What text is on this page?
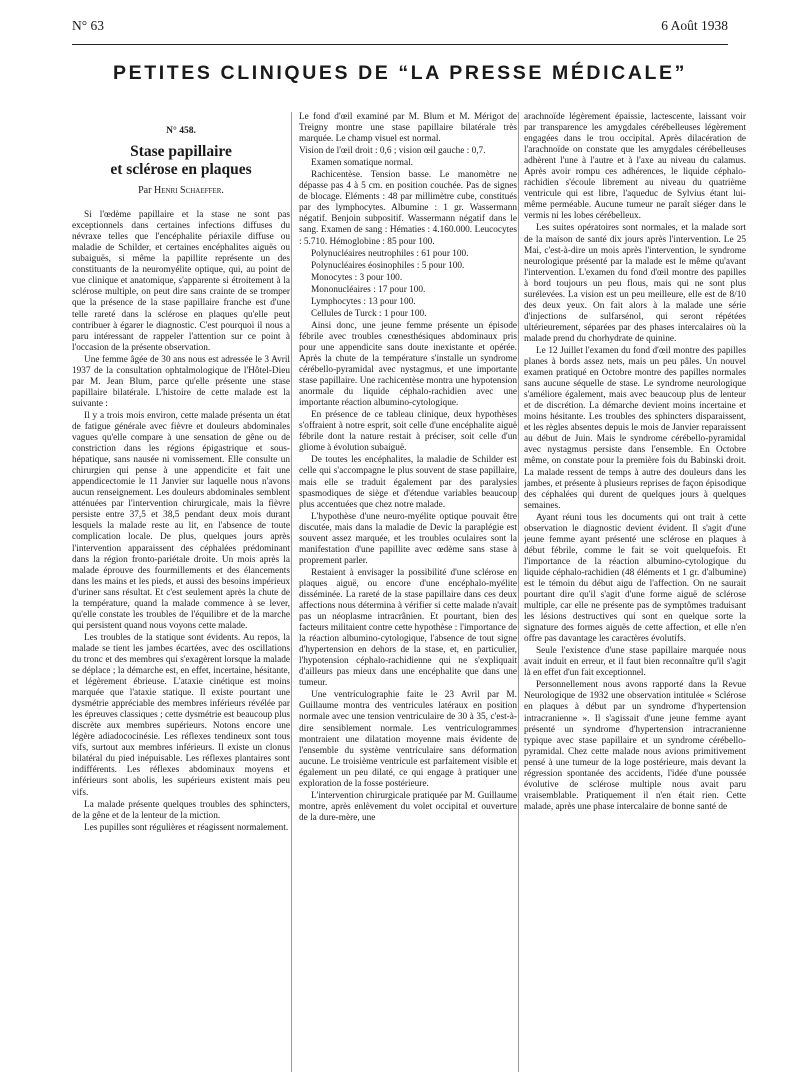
N° 63	6 Août 1938
PETITES CLINIQUES DE “LA PRESSE MÉDICALE”
N° 458.
Stase papillaire
et sclérose en plaques
Par Henri Schaeffer.

Si l'œdème papillaire et la stase ne sont pas exceptionnels dans certaines infections diffuses du névraxe telles que l'encéphalite périaxile diffuse ou maladie de Schilder, et certaines encéphalites aiguës ou subaiguës, si même la papillite représente un des constituants de la neuromyélite optique, qui, au point de vue clinique et anatomique, s'apparente si étroitement à la sclérose multiple, on peut dire sans crainte de se tromper que la présence de la stase papillaire franche est d'une telle rareté dans la sclérose en plaques qu'elle peut contribuer à égarer le diagnostic. C'est pourquoi il nous a paru intéressant de rappeler l'attention sur ce point à l'occasion de la présente observation.

Une femme âgée de 30 ans nous est adressée le 3 Avril 1937 de la consultation ophtalmologique de l'Hôtel-Dieu par M. Jean Blum, parce qu'elle présente une stase papillaire bilatérale. L'histoire de cette malade est la suivante :

Il y a trois mois environ, cette malade présenta un état de fatigue générale avec fièvre et douleurs abdominales vagues qu'elle compare à une sensation de gêne ou de constriction dans les régions épigastrique et sous-hépatique, sans nausée ni vomissement. Elle consulte un chirurgien qui pense à une appendicite et fait une appendicectomie le 11 Janvier sur laquelle nous n'avons aucun renseignement. Les douleurs abdominales semblent atténuées par l'intervention chirurgicale, mais la fièvre persiste entre 37,5 et 38,5 pendant deux mois durant lesquels la malade reste au lit, en l'absence de toute complication locale. De plus, quelques jours après l'intervention apparaissent des céphalées prédominant dans la région fronto-pariétale droite. Un mois après la malade éprouve des fourmillements et des élancements dans les mains et les pieds, et aussi des besoins impérieux d'uriner sans résultat. Et c'est seulement après la chute de la température, quand la malade commence à se lever, qu'elle constate les troubles de l'équilibre et de la marche qui persistent quand nous voyons cette malade.

Les troubles de la statique sont évidents. Au repos, la malade se tient les jambes écartées, avec des oscillations du tronc et des membres qui s'exagèrent lorsque la malade se déplace ; la démarche est, en effet, incertaine, hésitante, et légèrement ébrieuse. L'ataxie cinétique est moins marquée que l'ataxie statique. Il existe pourtant une dysmétrie appréciable des membres inférieurs révélée par les épreuves classiques ; cette dysmétrie est beaucoup plus discrète aux membres supérieurs. Notons encore une légère adiadococinésie. Les réflexes tendineux sont tous vifs, surtout aux membres inférieurs. Il existe un clonus bilatéral du pied inépuisable. Les réflexes plantaires sont indifférents. Les réflexes abdominaux moyens et inférieurs sont abolis, les supérieurs existent mais peu vifs.

La malade présente quelques troubles des sphincters, de la gêne et de la lenteur de la miction.

Les pupilles sont régulières et réagissent normalement.

Le fond d'œil examiné par M. Blum et M. Mérigot de Treigny montre une stase papillaire bilatérale très marquée. Le champ visuel est normal.

Vision de l'œil droit : 0,6 ; vision œil gauche : 0,7.

Examen somatique normal.

Rachicentèse. Tension basse. Le manomètre ne dépasse pas 4 à 5 cm. en position couchée. Pas de signes de blocage. Eléments : 48 par millimètre cube, constitués par des lymphocytes. Albumine : 1 gr. Wassermann négatif. Benjoin subpositif. Wassermann négatif dans le sang. Examen de sang : Hématies : 4.160.000. Leucocytes : 5.710. Hémoglobine : 85 pour 100.

Polynucléaires neutrophiles : 61 pour 100.

Polynucléaires éosinophiles : 5 pour 100.

Monocytes : 3 pour 100.

Mononucléaires : 17 pour 100.

Lymphocytes : 13 pour 100.

Cellules de Turck : 1 pour 100.

Ainsi donc, une jeune femme présente un épisode fébrile avec troubles cœnesthésiques abdominaux pris pour une appendicite sans doute inexistante et opérée. Après la chute de la température s'installe un syndrome cérébello-pyramidal avec nystagmus, et une importante stase papillaire. Une rachicentèse montra une hypotension anormale du liquide céphalo-rachidien avec une importante réaction albumino-cytologique.

En présence de ce tableau clinique, deux hypothèses s'offraient à notre esprit, soit celle d'une encéphalite aiguë fébrile dont la nature restait à préciser, soit celle d'un gliome à évolution subaiguë.

De toutes les encéphalites, la maladie de Schilder est celle qui s'accompagne le plus souvent de stase papillaire, mais elle se traduit également par des paralysies spasmodiques de siège et d'étendue variables beaucoup plus accentuées que chez notre malade.

L'hypothèse d'une neuro-myélite optique pouvait être discutée, mais dans la maladie de Devic la paraplégie est souvent assez marquée, et les troubles oculaires sont la manifestation d'une papillite avec œdème sans stase à proprement parler.

Restaient à envisager la possibilité d'une sclérose en plaques aiguë, ou encore d'une encéphalo-myélite disséminée. La rareté de la stase papillaire dans ces deux affections nous détermina à vérifier si cette malade n'avait pas un néoplasme intracrânien. Et pourtant, bien des facteurs militaient contre cette hypothèse : l'importance de la réaction albumino-cytologique, l'absence de tout signe d'hypertension en dehors de la stase, et, en particulier, l'hypotension céphalo-rachidienne qui ne s'expliquait d'ailleurs pas mieux dans une encéphalite que dans une tumeur.

Une ventriculographie faite le 23 Avril par M. Guillaume montra des ventricules latéraux en position normale avec une tension ventriculaire de 30 à 35, c'est-à-dire sensiblement normale. Les ventriculogrammes montraient une dilatation moyenne mais évidente de l'ensemble du système ventriculaire sans déformation aucune. Le troisième ventricule est parfaitement visible et également un peu dilaté, ce qui engage à pratiquer une exploration de la fosse postérieure.

L'intervention chirurgicale pratiquée par M. Guillaume montre, après enlèvement du volet occipital et ouverture de la dure-mère, une

arachnoïde légèrement épaissie, lactescente, laissant voir par transparence les amygdales cérébelleuses légèrement engagées dans le trou occipital. Après dilacération de l'arachnoïde on constate que les amygdales cérébelleuses adhèrent l'une à l'autre et à l'axe au niveau du calamus. Après avoir rompu ces adhérences, le liquide céphalo-rachidien s'écoule librement au niveau du quatrième ventricule qui est libre, l'aqueduc de Sylvius étant lui-même perméable. Aucune tumeur ne paraît siéger dans le vermis ni les lobes cérébelleux.

Les suites opératoires sont normales, et la malade sort de la maison de santé dix jours après l'intervention. Le 25 Mai, c'est-à-dire un mois après l'intervention, le syndrome neurologique présenté par la malade est le même qu'avant l'intervention. L'examen du fond d'œil montre des papilles à bord toujours un peu flous, mais qui ne sont plus surélevées. La vision est un peu meilleure, elle est de 8/10 des deux yeux. On fait alors à la malade une série d'injections de sulfarsénol, qui seront répétées ultérieurement, séparées par des phases intercalaires où la malade prend du chorhydrate de quinine.

Le 12 Juillet l'examen du fond d'œil montre des papilles planes à bords assez nets, mais un peu pâles. Un nouvel examen pratiqué en Octobre montre des papilles normales sans aucune séquelle de stase. Le syndrome neurologique s'améliore également, mais avec beaucoup plus de lenteur et de discrétion. La démarche devient moins incertaine et moins hésitante. Les troubles des sphincters disparaissent, et les règles absentes depuis le mois de Janvier reparaissent au début de Juin. Mais le syndrome cérébello-pyramidal avec nystagmus persiste dans l'ensemble. En Octobre même, on constate pour la première fois du Babinski droit. La malade ressent de temps à autre des douleurs dans les jambes, et présente à plusieurs reprises de façon épisodique des céphalées qui durent de quelques jours à quelques semaines.

Ayant réuni tous les documents qui ont trait à cette observation le diagnostic devient évident. Il s'agit d'une jeune femme ayant présenté une sclérose en plaques à début fébrile, comme le fait se voit quelquefois. Et l'importance de la réaction albumino-cytologique du liquide céphalo-rachidien (48 éléments et 1 gr. d'albumine) est le témoin du début aigu de l'affection. On ne saurait pourtant dire qu'il s'agit d'une forme aiguë de sclérose multiple, car elle ne présente pas de symptômes traduisant les lésions destructives qui sont en quelque sorte la signature des formes aiguës de cette affection, et elle n'en offre pas davantage les caractères évolutifs.

Seule l'existence d'une stase papillaire marquée nous avait induit en erreur, et il faut bien reconnaître qu'il s'agit là en effet d'un fait exceptionnel.

Personnellement nous avons rapporté dans la Revue Neurologique de 1932 une observation intitulée « Sclérose en plaques à début par un syndrome d'hypertension intracranienne ». Il s'agissait d'une jeune femme ayant présenté un syndrome d'hypertension intracranienne typique avec stase papillaire et un syndrome cérébello-pyramidal. Chez cette malade nous avions primitivement pensé à une tumeur de la loge postérieure, mais devant la régression spontanée des accidents, l'idée d'une poussée évolutive de sclérose multiple nous avait paru vraisemblable. Pratiquement il n'en était rien. Cette malade, après une phase intercalaire de bonne santé de
